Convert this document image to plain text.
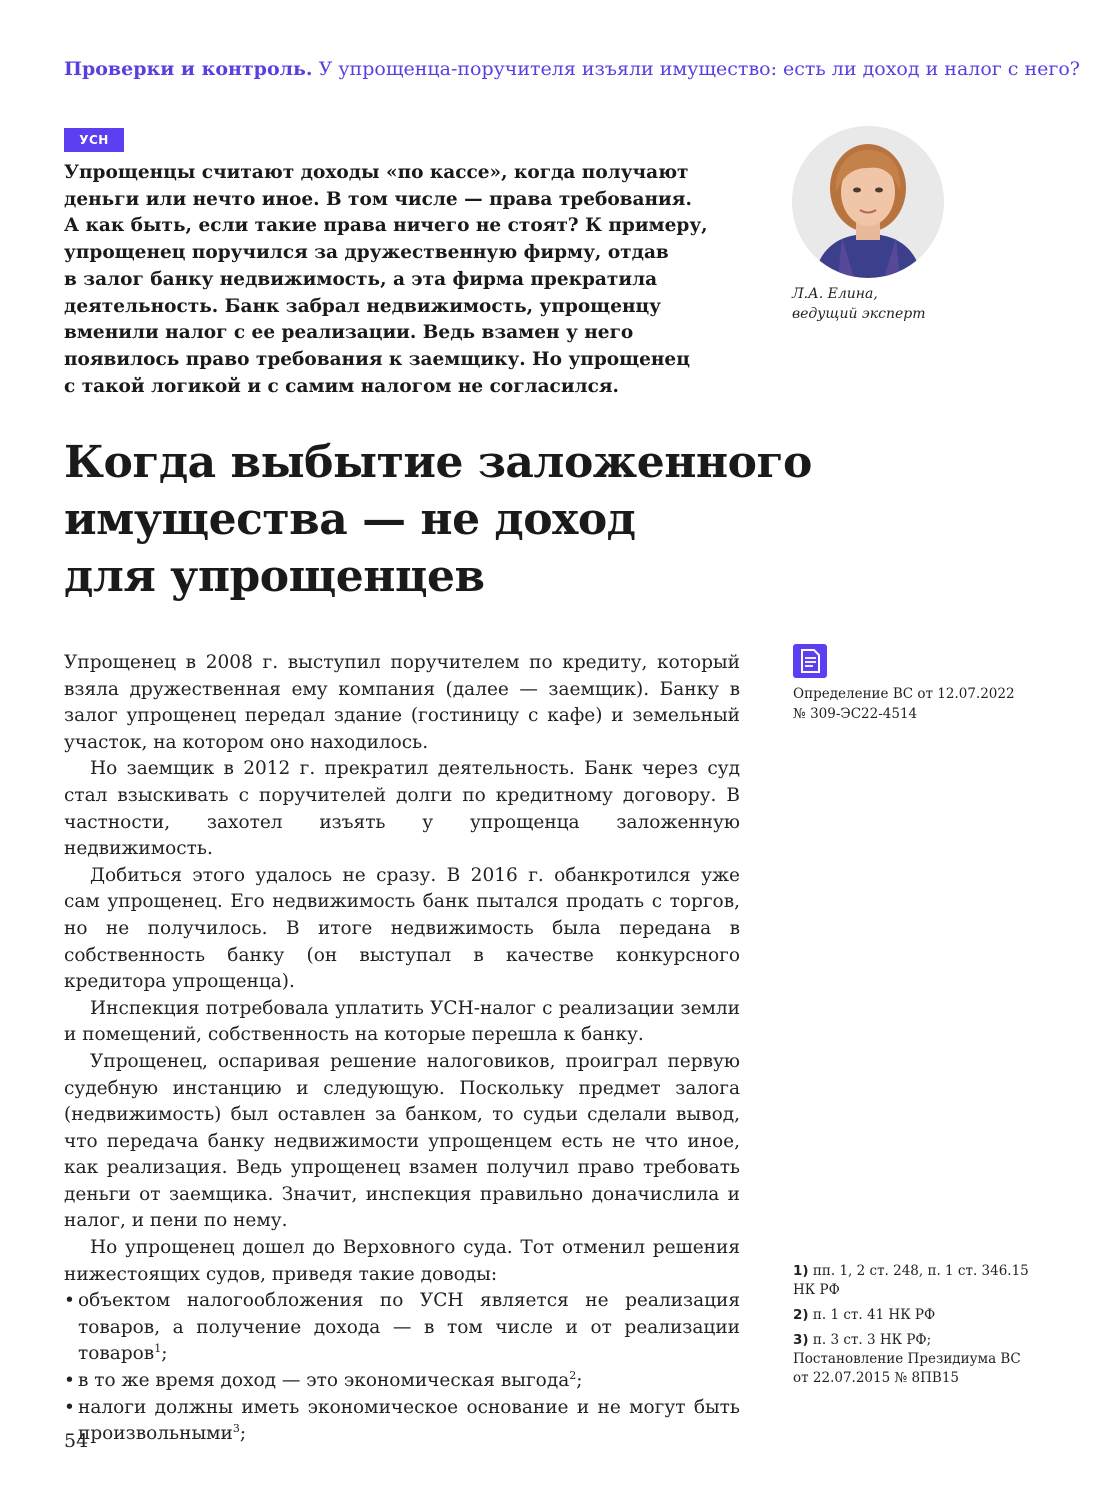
Проверки и контроль. У упрощенца-поручителя изъяли имущество: есть ли доход и налог с него?
УСН

Упрощенцы считают доходы «по кассе», когда получают

деньги или нечто иное. В том числе — права требования.

А как быть, если такие права ничего не стоят? К примеру,

упрощенец поручился за дружественную фирму, отдав

в залог банку недвижимость, а эта фирма прекратила

деятельность. Банк забрал недвижимость, упрощенцу

вменили налог с ее реализации. Ведь взамен у него

появилось право требования к заемщику. Но упрощенец

с такой логикой и с самим налогом не согласился.

Л.А. Елина,

ведущий эксперт

Когда выбытие заложенного
имущества — не доход
для упрощенцев

Определение ВС от 12.07.2022

№ 309-ЭС22-4514

Упрощенец в 2008 г. выступил поручителем по кредиту, который взяла дружественная ему компания (далее — заемщик). Банку в залог упрощенец передал здание (гостиницу с кафе) и земельный участок, на котором оно находилось.

Но заемщик в 2012 г. прекратил деятельность. Банк через суд стал взыскивать с поручителей долги по кредитному договору. В частности, захотел изъять у упрощенца заложенную недвижимость.

Добиться этого удалось не сразу. В 2016 г. обанкротился уже сам упрощенец. Его недвижимость банк пытался продать с торгов, но не получилось. В итоге недвижимость была передана в собственность банку (он выступал в качестве конкурсного кредитора упрощенца).

Инспекция потребовала уплатить УСН-налог с реализации земли и помещений, собственность на которые перешла к банку.

Упрощенец, оспаривая решение налоговиков, проиграл первую судебную инстанцию и следующую. Поскольку предмет залога (недвижимость) был оставлен за банком, то судьи сделали вывод, что передача банку недвижимости упрощенцем есть не что иное, как реализация. Ведь упрощенец взамен получил право требовать деньги от заемщика. Значит, инспекция правильно доначислила и налог, и пени по нему.

Но упрощенец дошел до Верховного суда. Тот отменил решения нижестоящих судов, приведя такие доводы:

• объектом налогообложения по УСН является не реализация товаров, а получение дохода — в том числе и от реализации товаров$^1$;
• в то же время доход — это экономическая выгода$^2$;
• налоги должны иметь экономическое основание и не могут быть произвольными$^3$;

1) пп. 1, 2 ст. 248, п. 1 ст. 346.15 НК РФ

2) п. 1 ст. 41 НК РФ

3) п. 3 ст. 3 НК РФ; Постановление Президиума ВС от 22.07.2015 № 8ПВ15

54
